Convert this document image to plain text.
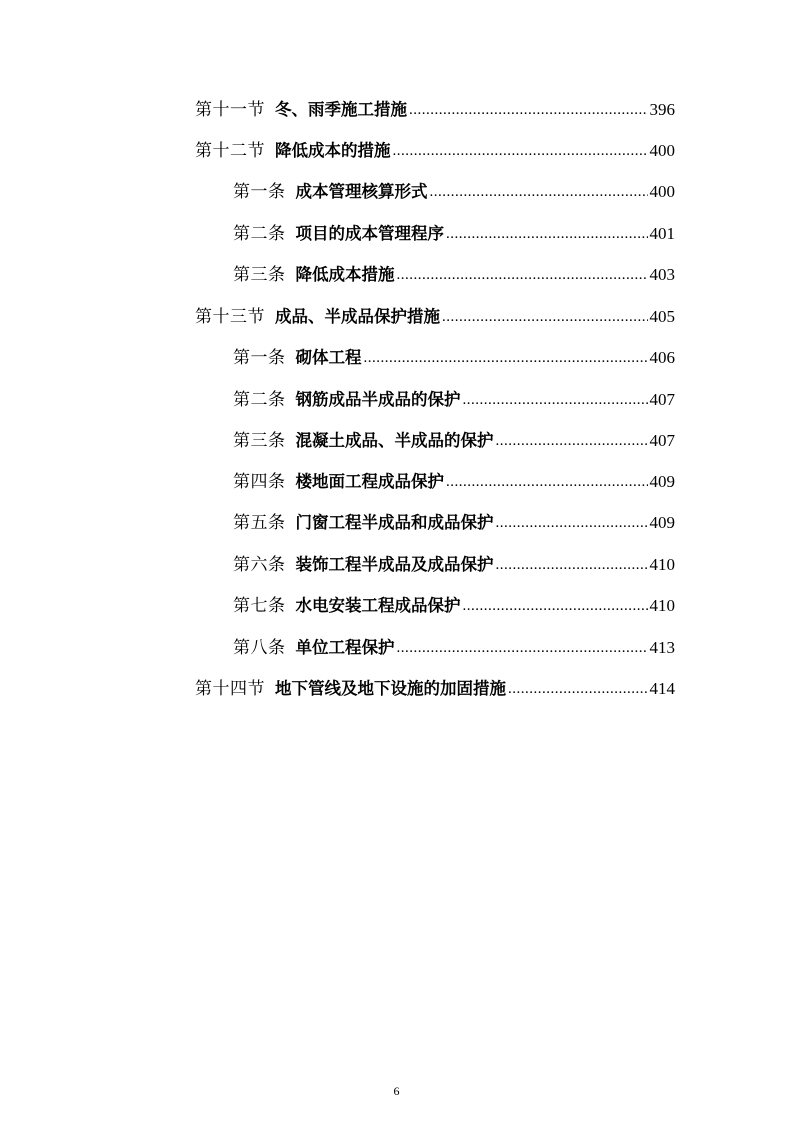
第十一节 冬、雨季施工措施 .....	396
第十二节 降低成本的措施 .....	400
第一条 成本管理核算形式 .....	400
第二条 项目的成本管理程序 .....	401
第三条 降低成本措施 .....	403
第十三节 成品、半成品保护措施 .....	405
第一条 砌体工程 .....	406
第二条 钢筋成品半成品的保护 .....	407
第三条 混凝土成品、半成品的保护 .....	407
第四条 楼地面工程成品保护 .....	409
第五条 门窗工程半成品和成品保护 .....	409
第六条 装饰工程半成品及成品保护 .....	410
第七条 水电安装工程成品保护 .....	410
第八条 单位工程保护 .....	413
第十四节 地下管线及地下设施的加固措施 .....	414
6
